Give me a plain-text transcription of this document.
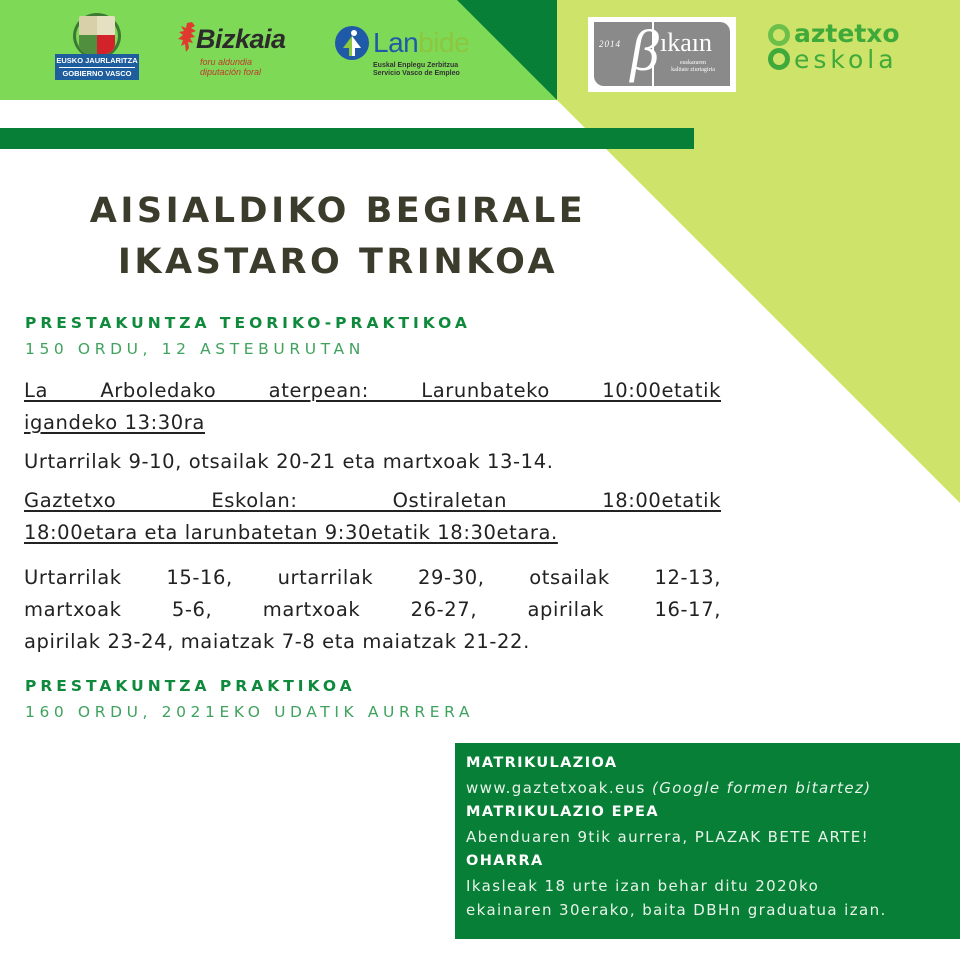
EUSKO JAURLARITZA
GOBIERNO VASCO
Bizkaia
foru aldundia
diputación foral
Lanbide
Euskal Enplegu Zerbitzua
Servicio Vasco de Empleo
2014 β ıkaın
euskararen
kalitate ziurtagiria
aztetxo
eskola
AISIALDIKO BEGIRALE
IKASTARO TRINKOA
PRESTAKUNTZA TEORIKO-PRAKTIKOA
150 ORDU, 12 ASTEBURUTAN
La Arboledako aterpean: Larunbateko 10:00etatik
igandeko 13:30ra
Urtarrilak 9-10, otsailak 20-21 eta martxoak 13-14.
Gaztetxo Eskolan: Ostiraletan 18:00etatik
18:00etara eta larunbatetan 9:30etatik 18:30etara.
Urtarrilak 15-16, urtarrilak 29-30, otsailak 12-13,
martxoak 5-6, martxoak 26-27, apirilak 16-17,
apirilak 23-24, maiatzak 7-8 eta maiatzak 21-22.
PRESTAKUNTZA PRAKTIKOA
160 ORDU, 2021EKO UDATIK AURRERA
MATRIKULAZIOA
www.gaztetxoak.eus (Google formen bitartez)
MATRIKULAZIO EPEA
Abenduaren 9tik aurrera, PLAZAK BETE ARTE!
OHARRA
Ikasleak 18 urte izan behar ditu 2020ko
ekainaren 30erako, baita DBHn graduatua izan.
